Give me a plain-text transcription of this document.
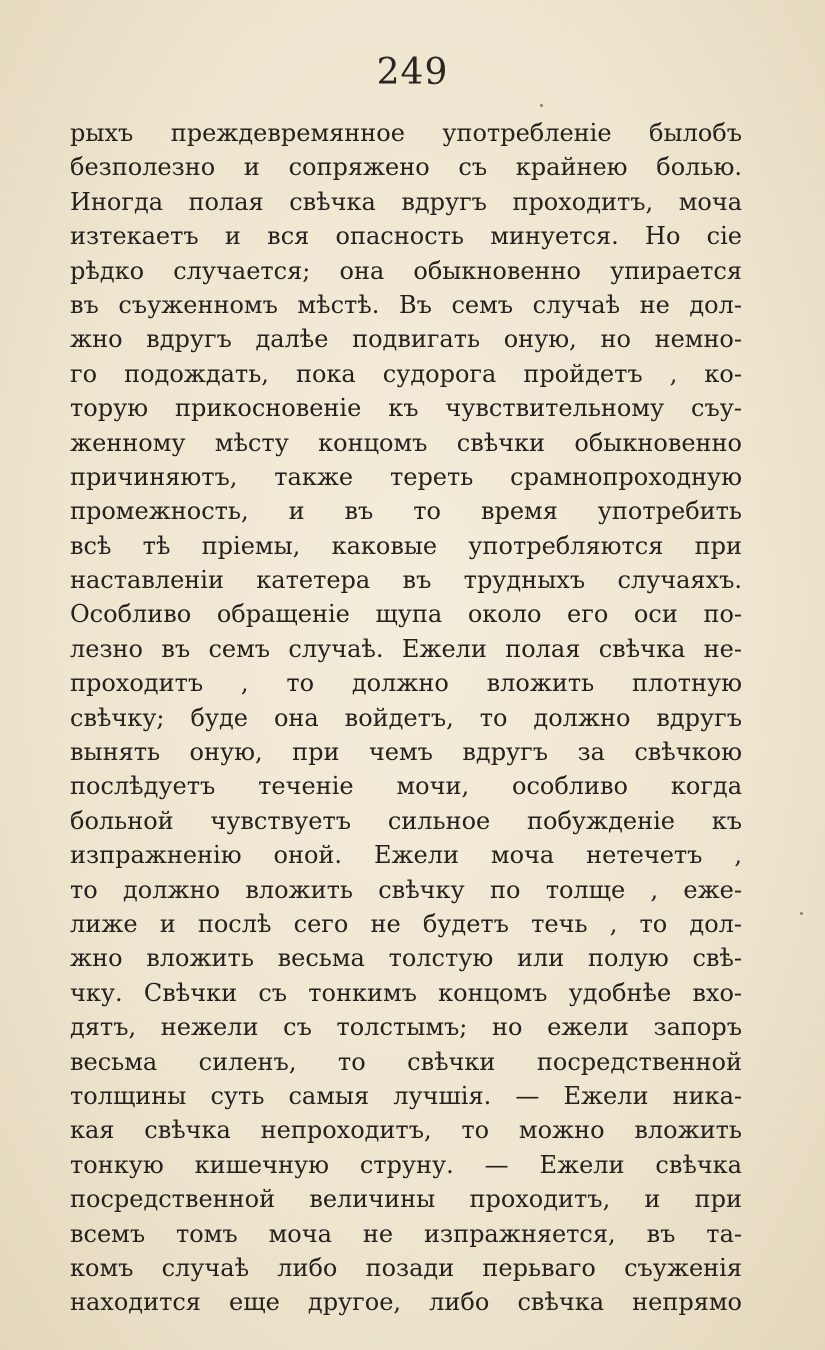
249
рыхъ преждевремянное употребленіе былобъ
безполезно и сопряжено съ крайнею болью.
Иногда полая свѣчка вдругъ проходитъ, моча
изтекаетъ и вся опасность минуется. Но сіе
рѣдко случается; она обыкновенно упирается
въ съуженномъ мѣстѣ. Въ семъ случаѣ не дол-
жно вдругъ далѣе подвигать оную, но немно-
го подождать, пока судорога пройдетъ , ко-
торую прикосновеніе къ чувствительному съу-
женному мѣсту концомъ свѣчки обыкновенно
причиняютъ, также тереть срамнопроходную
промежность, и въ то время употребить
всѣ тѣ пріемы, каковые употребляются при
наставленіи катетера въ трудныхъ случаяхъ.
Особливо обращеніе щупа около его оси по-
лезно въ семъ случаѣ. Ежели полая свѣчка не-
проходитъ , то должно вложить плотную
свѣчку; буде она войдетъ, то должно вдругъ
вынять оную, при чемъ вдругъ за свѣчкою
послѣдуетъ теченіе мочи, особливо когда
больной чувствуетъ сильное побужденіе къ
изпражненію оной. Ежели моча нетечетъ ,
то должно вложить свѣчку по толще , еже-
лиже и послѣ сего не будетъ течь , то дол-
жно вложить весьма толстую или полую свѣ-
чку. Свѣчки съ тонкимъ концомъ удобнѣе вхо-
дятъ, нежели съ толстымъ; но ежели запоръ
весьма силенъ, то свѣчки посредственной
толщины суть самыя лучшія. — Ежели никa-
кая свѣчка непроходитъ, то можно вложить
тонкую кишечную струну. — Ежели свѣчка
посредственной величины проходитъ, и при
всемъ томъ моча не изпражняется, въ та-
комъ случаѣ либо позади перьваго съуженія
находится еще другое, либо свѣчка непрямо
